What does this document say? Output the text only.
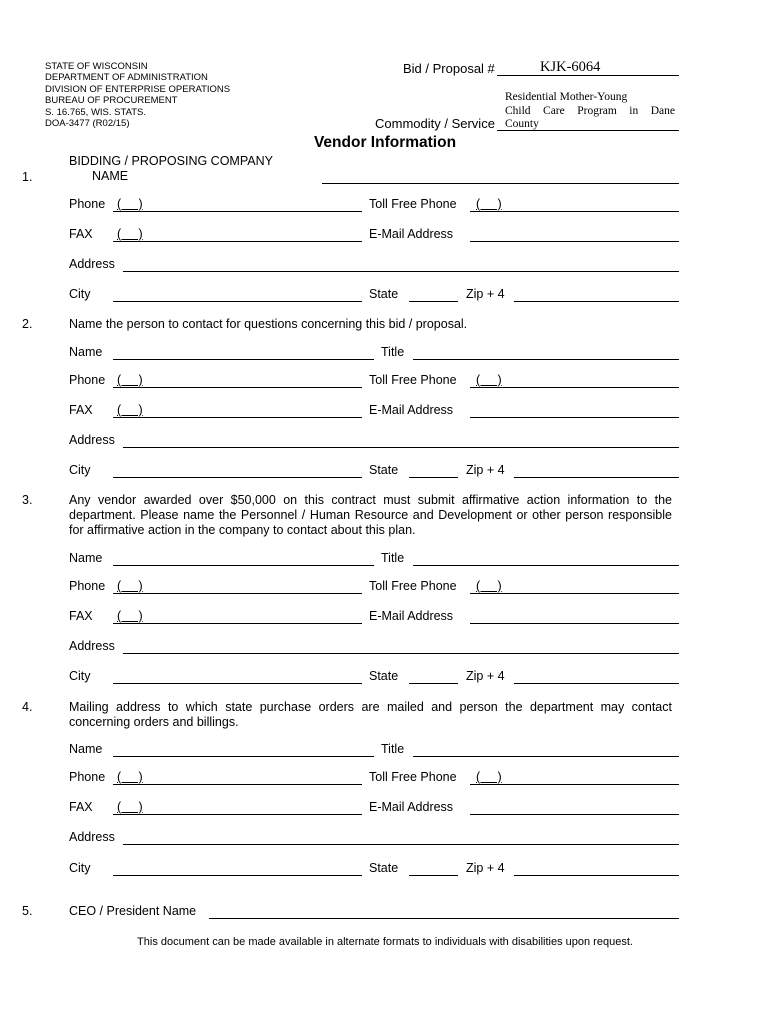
STATE OF WISCONSIN
DEPARTMENT OF ADMINISTRATION
DIVISION OF ENTERPRISE OPERATIONS
BUREAU OF PROCUREMENT
S. 16.765, WIS. STATS.
DOA-3477 (R02/15)
Bid / Proposal #	KJK-6064
Residential Mother-Young
Child Care Program in Dane
County
Commodity / Service
Vendor Information
1.
BIDDING / PROPOSING COMPANY
NAME
Phone (     )	Toll Free Phone (     )
FAX (     )	E-Mail Address
Address
City	State	Zip + 4
2.	Name the person to contact for questions concerning this bid / proposal.
Name	Title
Phone (     )	Toll Free Phone (     )
FAX (     )	E-Mail Address
Address
City	State	Zip + 4
3.	Any vendor awarded over $50,000 on this contract must submit affirmative action information to the department. Please name the Personnel / Human Resource and Development or other person responsible for affirmative action in the company to contact about this plan.
Name	Title
Phone (     )	Toll Free Phone (     )
FAX (     )	E-Mail Address
Address
City	State	Zip + 4
4.	Mailing address to which state purchase orders are mailed and person the department may contact concerning orders and billings.
Name	Title
Phone (     )	Toll Free Phone (     )
FAX (     )	E-Mail Address
Address
City	State	Zip + 4
5.	CEO / President Name
This document can be made available in alternate formats to individuals with disabilities upon request.
